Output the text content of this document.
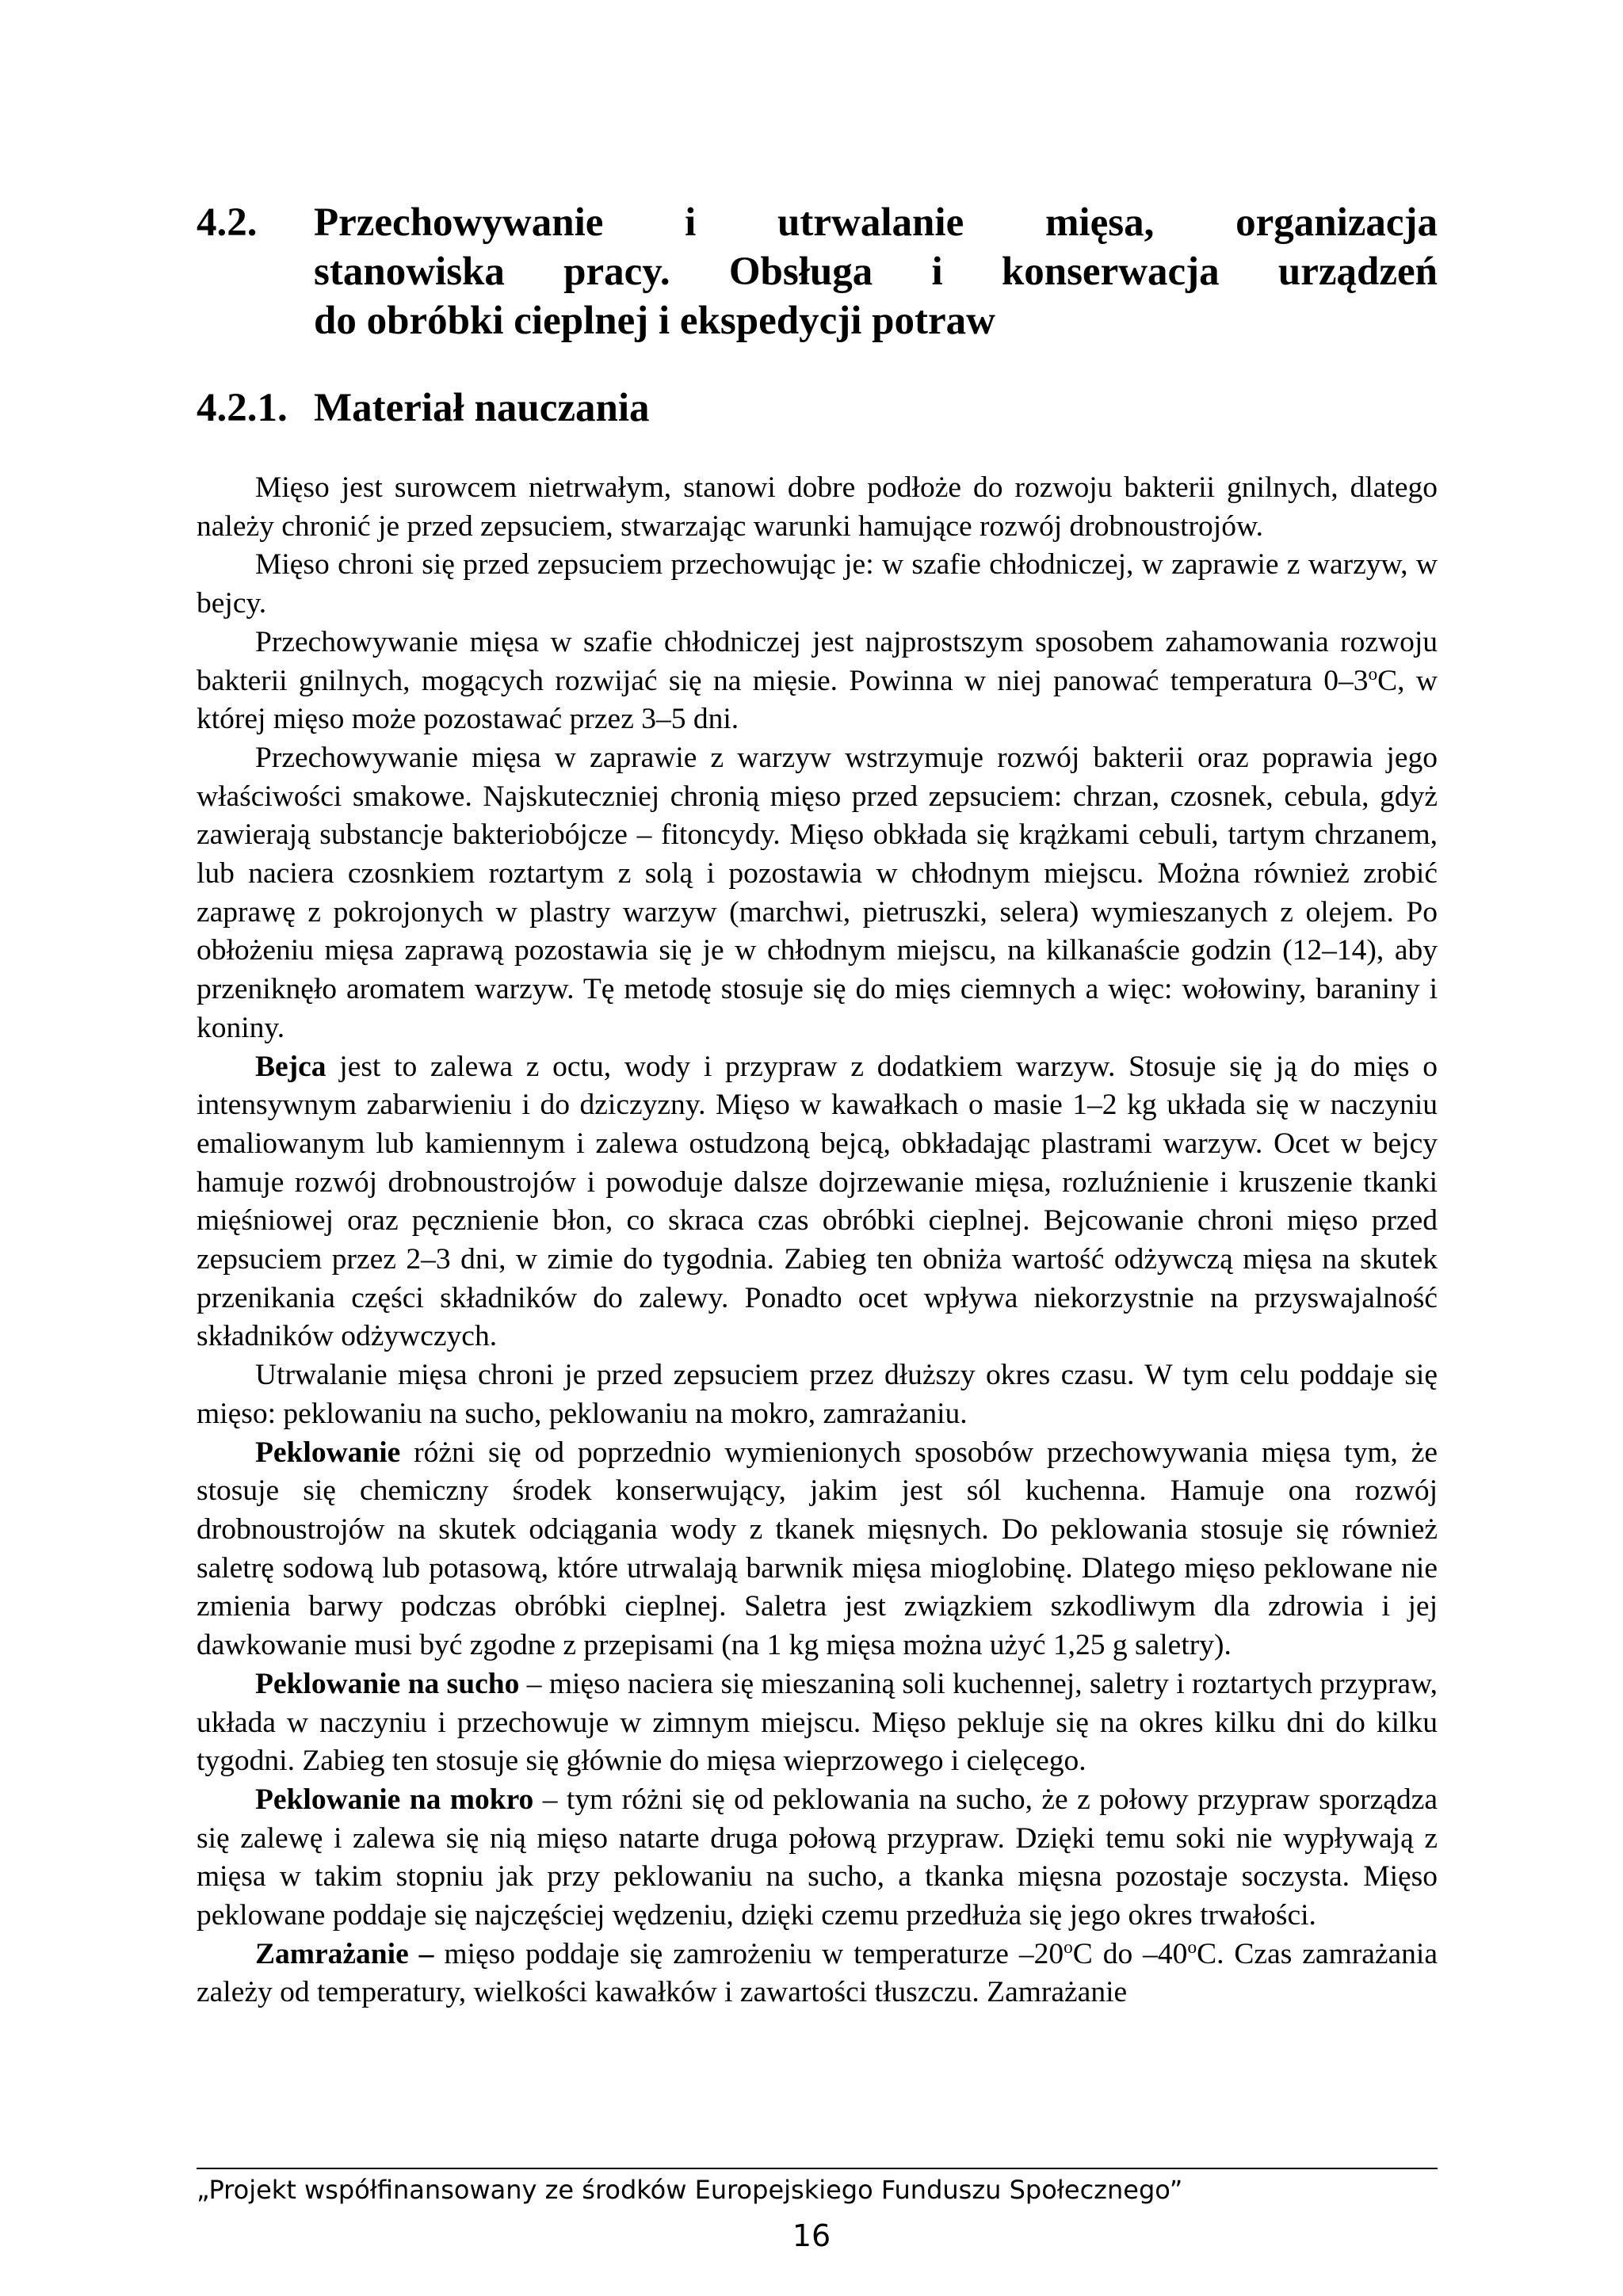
4.2. Przechowywanie i utrwalanie mięsa, organizacja
stanowiska pracy. Obsługa i konserwacja urządzeń
do obróbki cieplnej i ekspedycji potraw
4.2.1. Materiał nauczania

Mięso jest surowcem nietrwałym, stanowi dobre podłoże do rozwoju bakterii gnilnych, dlatego należy chronić je przed zepsuciem, stwarzając warunki hamujące rozwój drobnoustrojów.

Mięso chroni się przed zepsuciem przechowując je: w szafie chłodniczej, w zaprawie z warzyw, w bejcy.

Przechowywanie mięsa w szafie chłodniczej jest najprostszym sposobem zahamowania rozwoju bakterii gnilnych, mogących rozwijać się na mięsie. Powinna w niej panować temperatura 0–3$^o$C, w której mięso może pozostawać przez 3–5 dni.

Przechowywanie mięsa w zaprawie z warzyw wstrzymuje rozwój bakterii oraz poprawia jego właściwości smakowe. Najskuteczniej chronią mięso przed zepsuciem: chrzan, czosnek, cebula, gdyż zawierają substancje bakteriobójcze – fitoncydy. Mięso obkłada się krążkami cebuli, tartym chrzanem, lub naciera czosnkiem roztartym z solą i pozostawia w chłodnym miejscu. Można również zrobić zaprawę z pokrojonych w plastry warzyw (marchwi, pietruszki, selera) wymieszanych z olejem. Po obłożeniu mięsa zaprawą pozostawia się je w chłodnym miejscu, na kilkanaście godzin (12–14), aby przeniknęło aromatem warzyw. Tę metodę stosuje się do mięs ciemnych a więc: wołowiny, baraniny i koniny.

Bejca jest to zalewa z octu, wody i przypraw z dodatkiem warzyw. Stosuje się ją do mięs o intensywnym zabarwieniu i do dziczyzny. Mięso w kawałkach o masie 1–2 kg układa się w naczyniu emaliowanym lub kamiennym i zalewa ostudzoną bejcą, obkładając plastrami warzyw. Ocet w bejcy hamuje rozwój drobnoustrojów i powoduje dalsze dojrzewanie mięsa, rozluźnienie i kruszenie tkanki mięśniowej oraz pęcznienie błon, co skraca czas obróbki cieplnej. Bejcowanie chroni mięso przed zepsuciem przez 2–3 dni, w zimie do tygodnia. Zabieg ten obniża wartość odżywczą mięsa na skutek przenikania części składników do zalewy. Ponadto ocet wpływa niekorzystnie na przyswajalność składników odżywczych.

Utrwalanie mięsa chroni je przed zepsuciem przez dłuższy okres czasu. W tym celu poddaje się mięso: peklowaniu na sucho, peklowaniu na mokro, zamrażaniu.

Peklowanie różni się od poprzednio wymienionych sposobów przechowywania mięsa tym, że stosuje się chemiczny środek konserwujący, jakim jest sól kuchenna. Hamuje ona rozwój drobnoustrojów na skutek odciągania wody z tkanek mięsnych. Do peklowania stosuje się również saletrę sodową lub potasową, które utrwalają barwnik mięsa mioglobinę. Dlatego mięso peklowane nie zmienia barwy podczas obróbki cieplnej. Saletra jest związkiem szkodliwym dla zdrowia i jej dawkowanie musi być zgodne z przepisami (na 1 kg mięsa można użyć 1,25 g saletry).

Peklowanie na sucho – mięso naciera się mieszaniną soli kuchennej, saletry i roztartych przypraw, układa w naczyniu i przechowuje w zimnym miejscu. Mięso pekluje się na okres kilku dni do kilku tygodni. Zabieg ten stosuje się głównie do mięsa wieprzowego i cielęcego.

Peklowanie na mokro – tym różni się od peklowania na sucho, że z połowy przypraw sporządza się zalewę i zalewa się nią mięso natarte druga połową przypraw. Dzięki temu soki nie wypływają z mięsa w takim stopniu jak przy peklowaniu na sucho, a tkanka mięsna pozostaje soczysta. Mięso peklowane poddaje się najczęściej wędzeniu, dzięki czemu przedłuża się jego okres trwałości.

Zamrażanie – mięso poddaje się zamrożeniu w temperaturze –20$^o$C do –40$^o$C. Czas zamrażania zależy od temperatury, wielkości kawałków i zawartości tłuszczu. Zamrażanie

„Projekt współfinansowany ze środków Europejskiego Funduszu Społecznego”
16
